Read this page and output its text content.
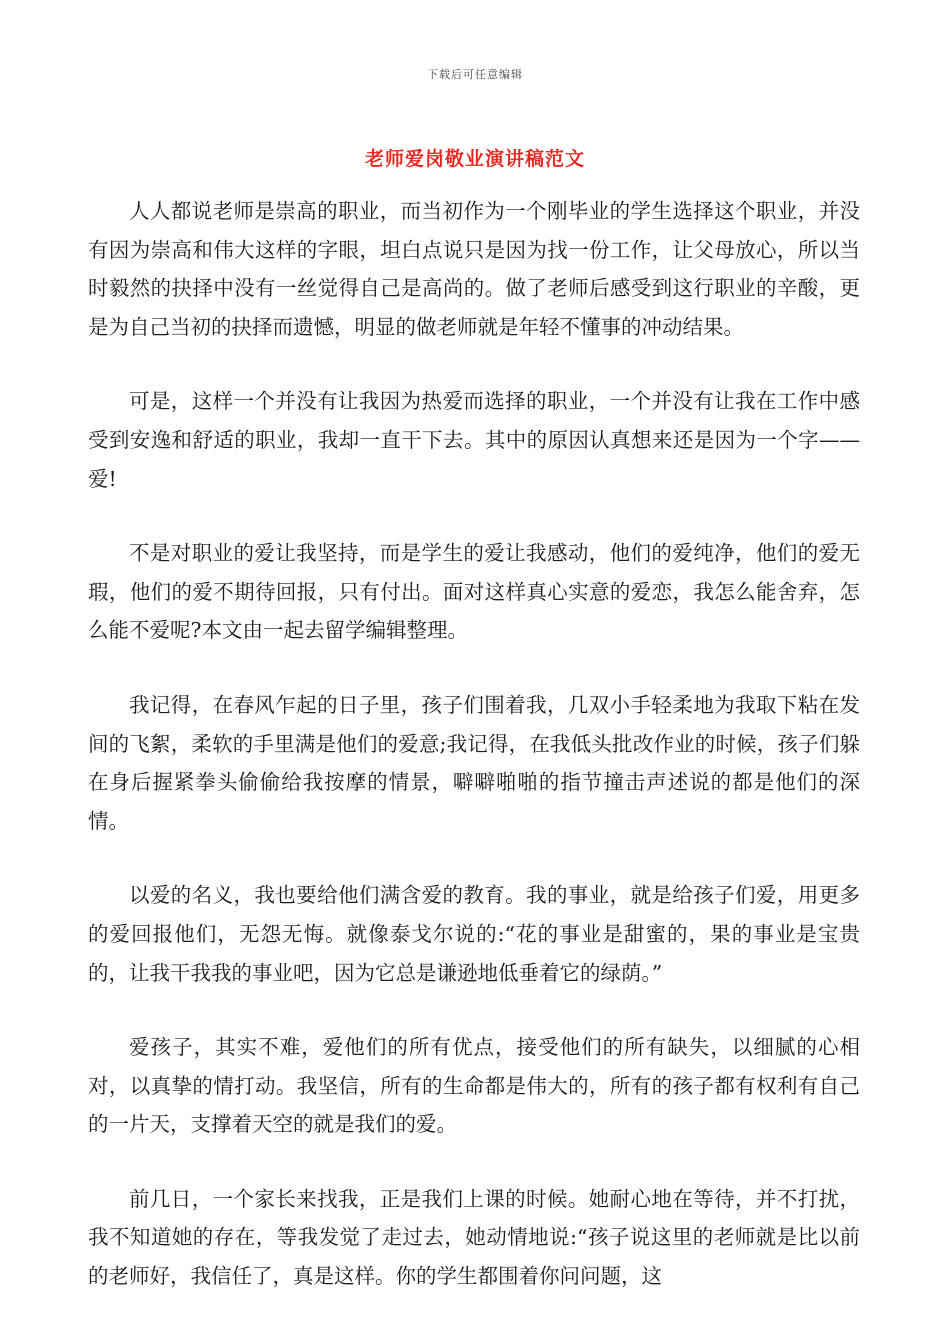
下载后可任意编辑
老师爱岗敬业演讲稿范文

人人都说老师是崇高的职业，而当初作为一个刚毕业的学生选择这个职业，并没有因为崇高和伟大这样的字眼，坦白点说只是因为找一份工作，让父母放心，所以当时毅然的抉择中没有一丝觉得自己是高尚的。做了老师后感受到这行职业的辛酸，更是为自己当初的抉择而遗憾，明显的做老师就是年轻不懂事的冲动结果。

可是，这样一个并没有让我因为热爱而选择的职业，一个并没有让我在工作中感受到安逸和舒适的职业，我却一直干下去。其中的原因认真想来还是因为一个字——爱!

不是对职业的爱让我坚持，而是学生的爱让我感动，他们的爱纯净，他们的爱无瑕，他们的爱不期待回报，只有付出。面对这样真心实意的爱恋，我怎么能舍弃，怎么能不爱呢?本文由一起去留学编辑整理。

我记得，在春风乍起的日子里，孩子们围着我，几双小手轻柔地为我取下粘在发间的飞絮，柔软的手里满是他们的爱意;我记得，在我低头批改作业的时候，孩子们躲在身后握紧拳头偷偷给我按摩的情景，噼噼啪啪的指节撞击声述说的都是他们的深情。

以爱的名义，我也要给他们满含爱的教育。我的事业，就是给孩子们爱，用更多的爱回报他们，无怨无悔。就像泰戈尔说的:“花的事业是甜蜜的，果的事业是宝贵的，让我干我我的事业吧，因为它总是谦逊地低垂着它的绿荫。”

爱孩子，其实不难，爱他们的所有优点，接受他们的所有缺失，以细腻的心相对，以真挚的情打动。我坚信，所有的生命都是伟大的，所有的孩子都有权利有自己的一片天，支撑着天空的就是我们的爱。

前几日，一个家长来找我，正是我们上课的时候。她耐心地在等待，并不打扰，我不知道她的存在，等我发觉了走过去，她动情地说:“孩子说这里的老师就是比以前的老师好，我信任了，真是这样。你的学生都围着你问问题，这
